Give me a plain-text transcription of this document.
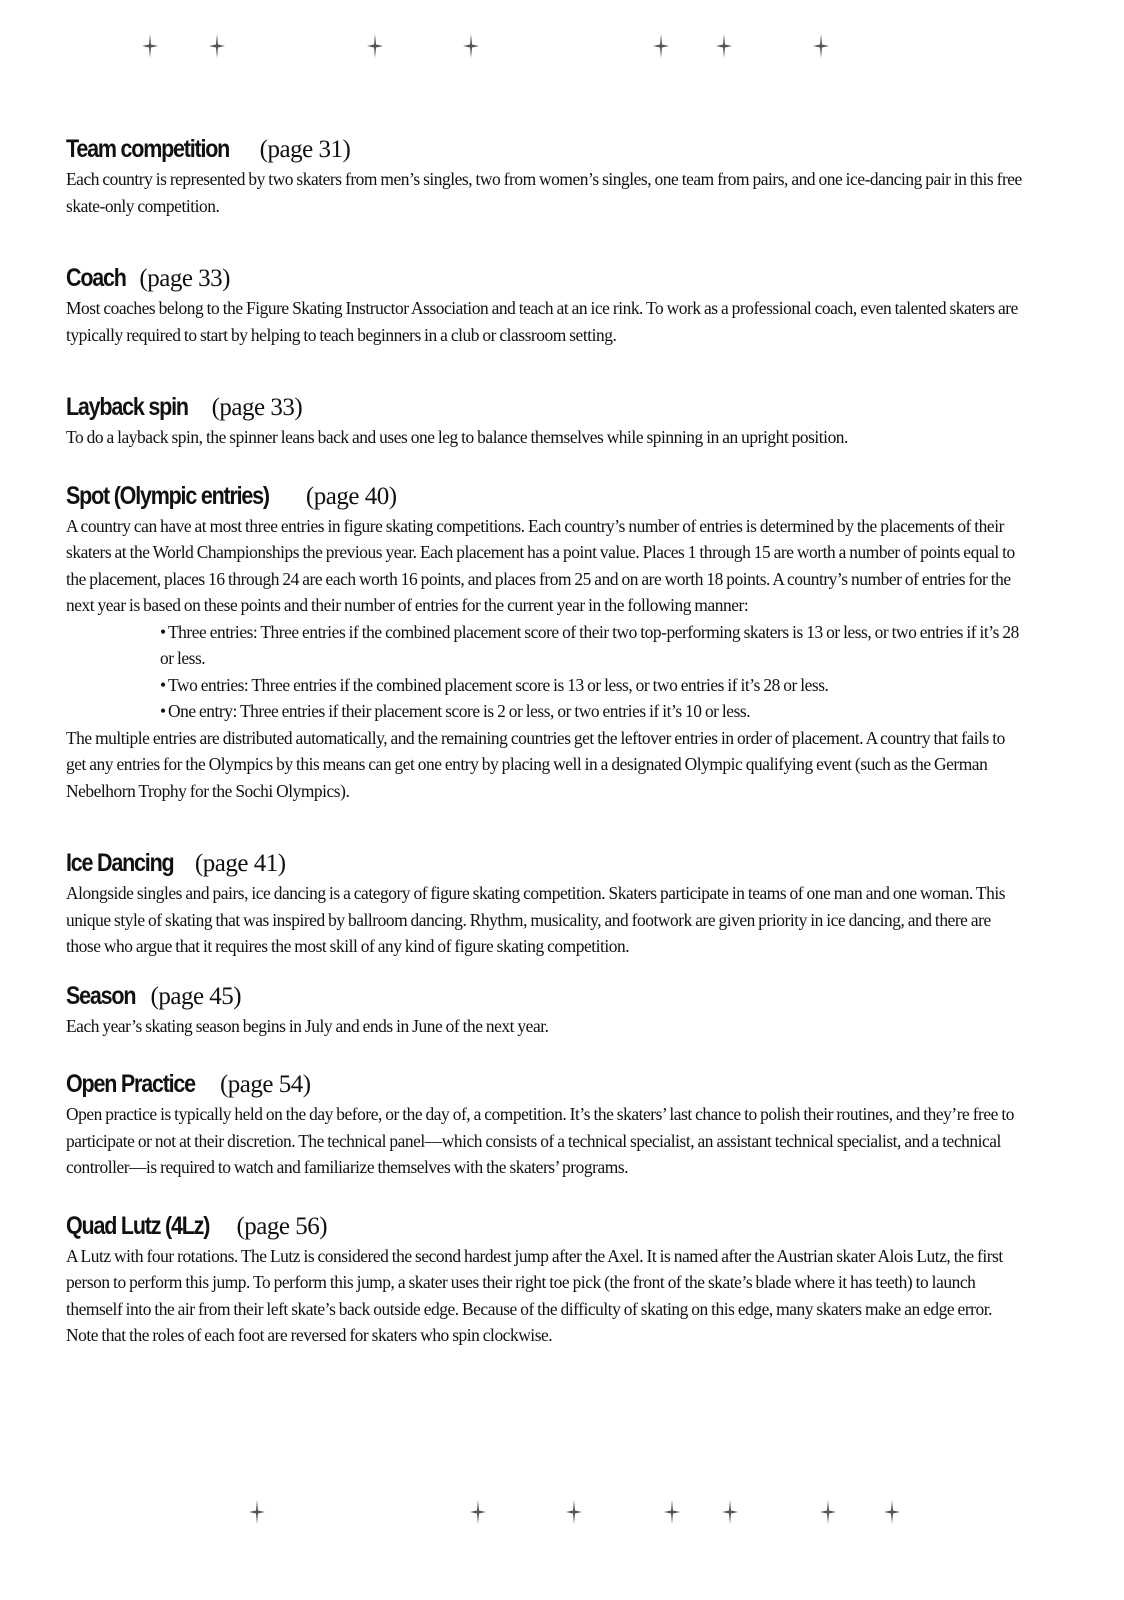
Team competition (page 31)

Each country is represented by two skaters from men’s singles, two from women’s singles, one team from pairs, and one ice-dancing pair in this free skate-only competition.

Coach (page 33)

Most coaches belong to the Figure Skating Instructor Association and teach at an ice rink. To work as a professional coach, even talented skaters are typically required to start by helping to teach beginners in a club or classroom setting.

Layback spin (page 33)

To do a layback spin, the spinner leans back and uses one leg to balance themselves while spinning in an upright position.

Spot (Olympic entries) (page 40)

A country can have at most three entries in figure skating competitions. Each country’s number of entries is determined by the placements of their skaters at the World Championships the previous year. Each placement has a point value. Places 1 through 15 are worth a number of points equal to the placement, places 16 through 24 are each worth 16 points, and places from 25 and on are worth 18 points. A country’s number of entries for the next year is based on these points and their number of entries for the current year in the following manner:

• Three entries: Three entries if the combined placement score of their two top-performing skaters is 13 or less, or two entries if it’s 28 or less.
• Two entries: Three entries if the combined placement score is 13 or less, or two entries if it’s 28 or less.
• One entry: Three entries if their placement score is 2 or less, or two entries if it’s 10 or less.

The multiple entries are distributed automatically, and the remaining countries get the leftover entries in order of placement. A country that fails to get any entries for the Olympics by this means can get one entry by placing well in a designated Olympic qualifying event (such as the German Nebelhorn Trophy for the Sochi Olympics).

Ice Dancing (page 41)

Alongside singles and pairs, ice dancing is a category of figure skating competition. Skaters participate in teams of one man and one woman. This unique style of skating that was inspired by ballroom dancing. Rhythm, musicality, and footwork are given priority in ice dancing, and there are those who argue that it requires the most skill of any kind of figure skating competition.

Season (page 45)

Each year’s skating season begins in July and ends in June of the next year.

Open Practice (page 54)

Open practice is typically held on the day before, or the day of, a competition. It’s the skaters’ last chance to polish their routines, and they’re free to participate or not at their discretion. The technical panel—which consists of a technical specialist, an assistant technical specialist, and a technical controller—is required to watch and familiarize themselves with the skaters’ programs.

Quad Lutz (4Lz) (page 56)

A Lutz with four rotations. The Lutz is considered the second hardest jump after the Axel. It is named after the Austrian skater Alois Lutz, the first person to perform this jump. To perform this jump, a skater uses their right toe pick (the front of the skate’s blade where it has teeth) to launch themself into the air from their left skate’s back outside edge. Because of the difficulty of skating on this edge, many skaters make an edge error. Note that the roles of each foot are reversed for skaters who spin clockwise.
